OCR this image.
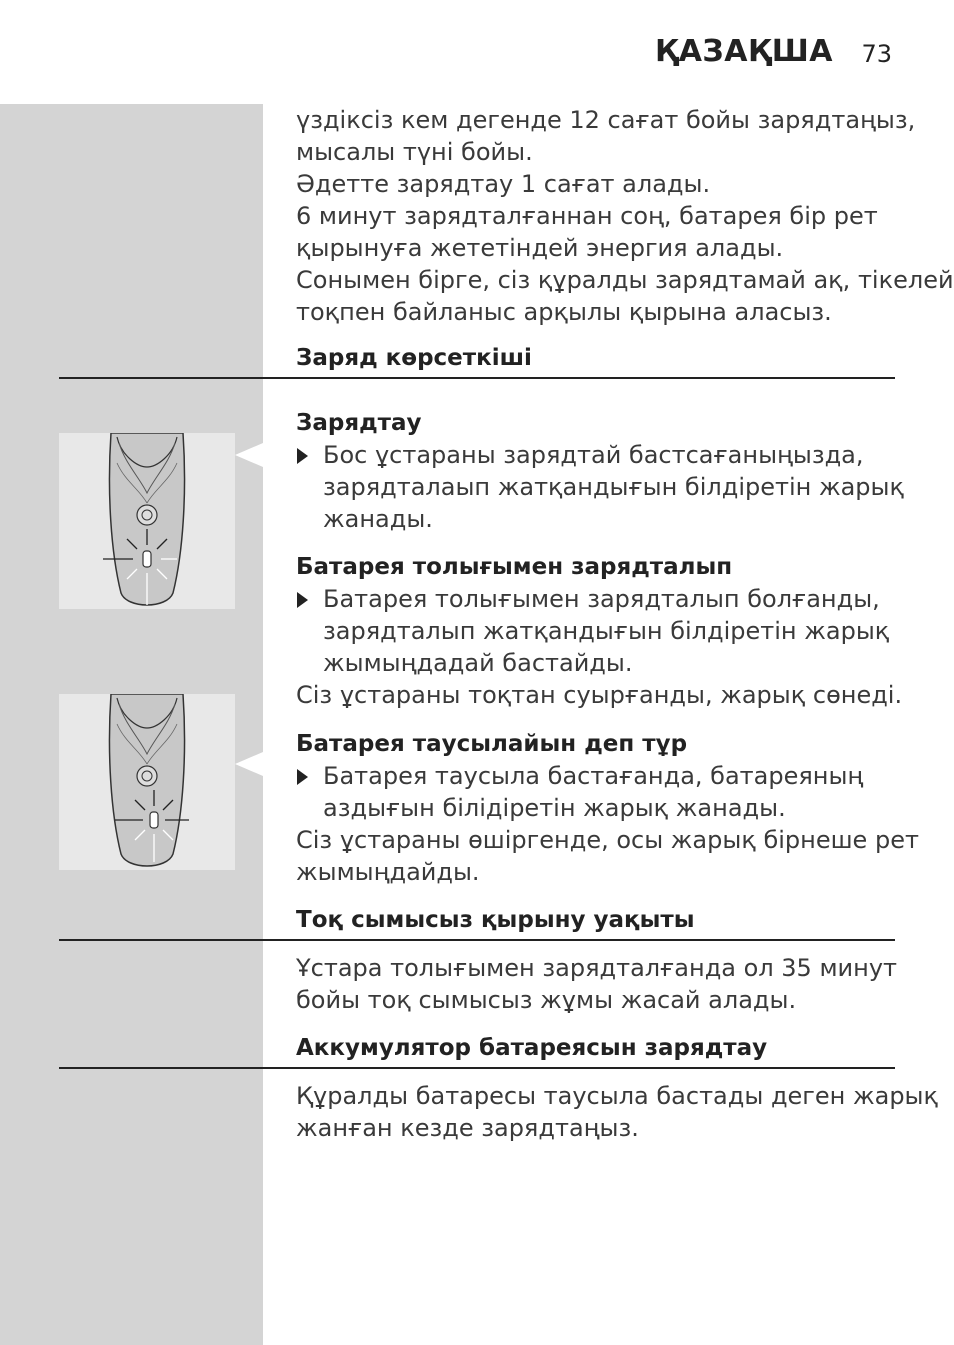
ҚАЗАҚША 73

үздіксіз кем дегенде 12 сағат бойы зарядтаңыз,

мысалы түні бойы.

Әдетте зарядтау 1 сағат алады.

6 минут зарядталғаннан соң, батарея бір рет

қырынуға жететіндей энергия алады.

Сонымен бірге, сіз құралды зарядтамай ақ, тікелей

тоқпен байланыс арқылы қырына аласыз.

Заряд көрсеткіші

Зарядтау

Бос ұстараны зарядтай бастсағаныңызда,

зарядталаып жатқандығын білдіретін жарық

жанады.

Батарея толығымен зарядталып

Батарея толығымен зарядталып болғанды,

зарядталып жатқандығын білдіретін жарық

жымыңдадай бастайды.

Сіз ұстараны тоқтан суырғанды, жарық сөнеді.

Батарея таусылайын деп тұр

Батарея таусыла бастағанда, батареяның

аздығын білідіретін жарық жанады.

Сіз ұстараны өшіргенде, осы жарық бірнеше рет

жымыңдайды.

Тоқ сымысыз қырыну уақыты

Ұстара толығымен зарядталғанда ол 35 минут

бойы тоқ сымысыз жұмы жасай алады.

Аккумулятор батареясын зарядтау

Құралды батаресы таусыла бастады деген жарық

жанған кезде зарядтаңыз.
